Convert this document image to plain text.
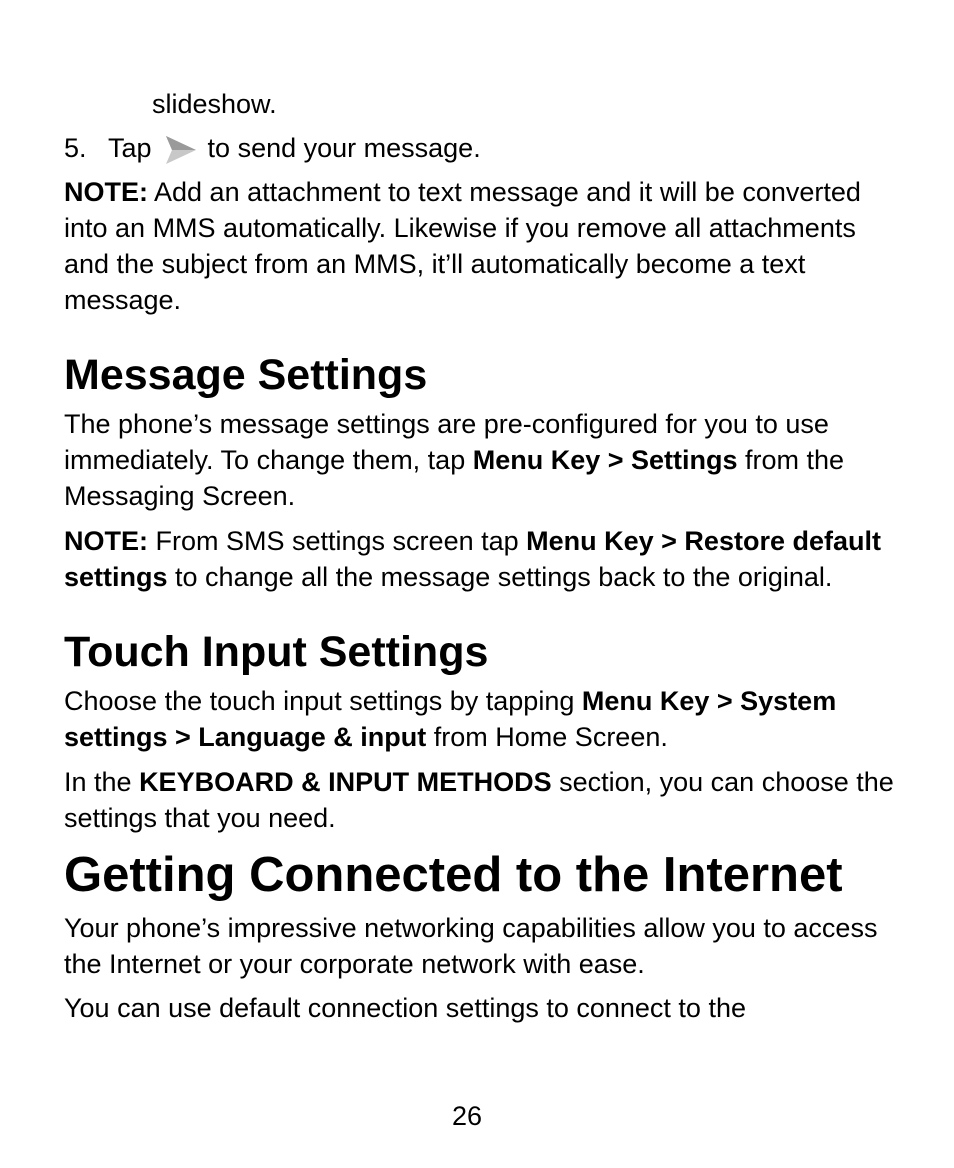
slideshow.

5. Tap to send your message.

NOTE: Add an attachment to text message and it will be converted into an MMS automatically. Likewise if you remove all attachments and the subject from an MMS, it’ll automatically become a text message.

Message Settings

The phone’s message settings are pre-configured for you to use immediately. To change them, tap Menu Key > Settings from the Messaging Screen.

NOTE: From SMS settings screen tap Menu Key > Restore default settings to change all the message settings back to the original.

Touch Input Settings

Choose the touch input settings by tapping Menu Key > System settings > Language & input from Home Screen.

In the KEYBOARD & INPUT METHODS section, you can choose the settings that you need.

Getting Connected to the Internet

Your phone’s impressive networking capabilities allow you to access the Internet or your corporate network with ease.

You can use default connection settings to connect to the

26
